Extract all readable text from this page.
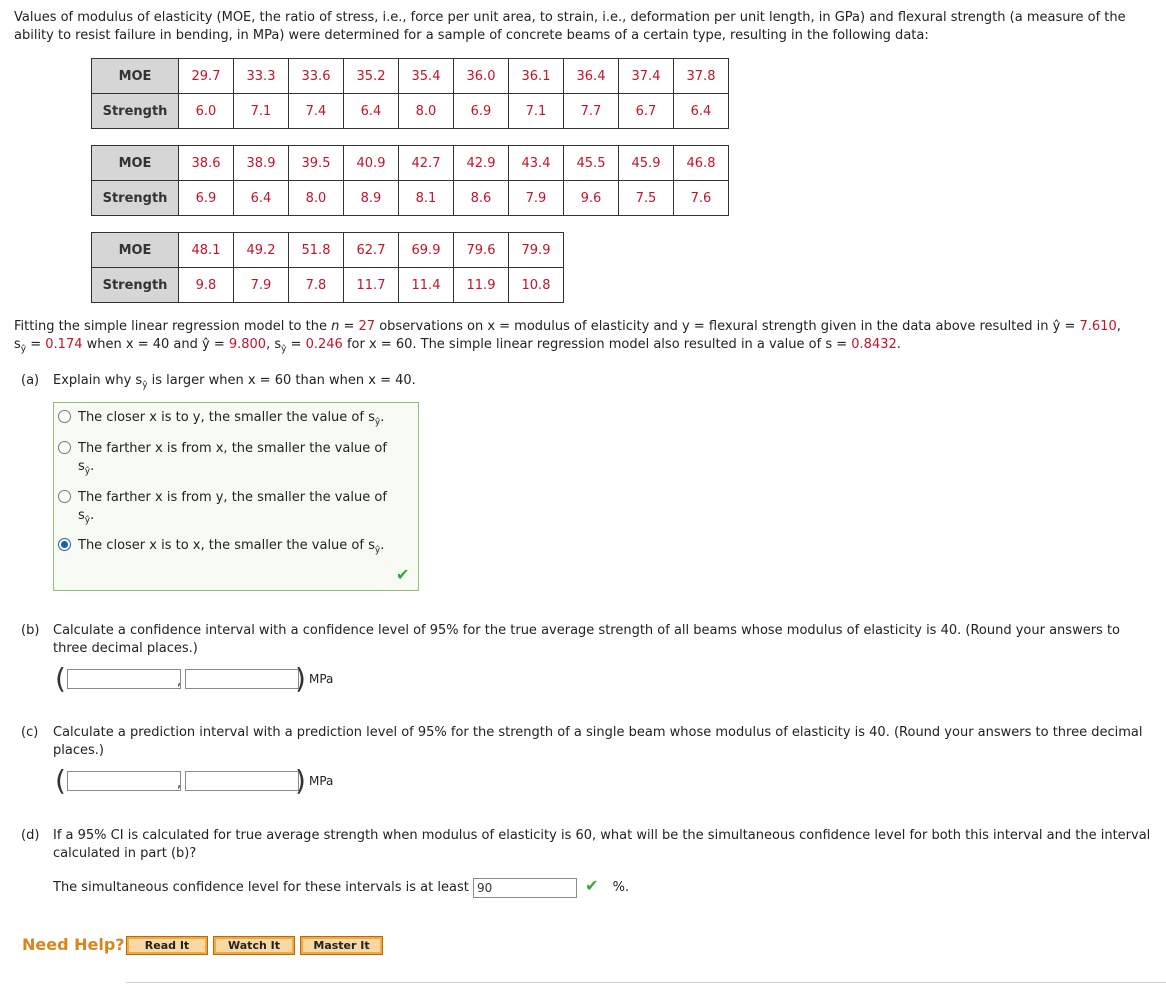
Values of modulus of elasticity (MOE, the ratio of stress, i.e., force per unit area, to strain, i.e., deformation per unit length, in GPa) and flexural strength (a measure of the ability to resist failure in bending, in MPa) were determined for a sample of concrete beams of a certain type, resulting in the following data:
MOE	29.7	33.3	33.6	35.2	35.4	36.0	36.1	36.4	37.4	37.8
Strength	6.0	7.1	7.4	6.4	8.0	6.9	7.1	7.7	6.7	6.4
MOE	38.6	38.9	39.5	40.9	42.7	42.9	43.4	45.5	45.9	46.8
Strength	6.9	6.4	8.0	8.9	8.1	8.6	7.9	9.6	7.5	7.6
MOE	48.1	49.2	51.8	62.7	69.9	79.6	79.9
Strength	9.8	7.9	7.8	11.7	11.4	11.9	10.8
Fitting the simple linear regression model to the n = 27 observations on x = modulus of elasticity and y = flexural strength given in the data above resulted in ŷ = 7.610,
$s_ŷ = 0.174$ when x = 40 and ŷ = 9.800, $s_ŷ = 0.246$ for x = 60. The simple linear regression model also resulted in a value of s = 0.8432.
(a) Explain why $s_ŷ$ is larger when x = 60 than when x = 40.
The closer x is to y, the smaller the value of $s_ŷ$.
The farther x is from x, the smaller the value of $s_ŷ$.
The farther x is from y, the smaller the value of $s_ŷ$.
The closer x is to x, the smaller the value of $s_ŷ$.
✔
(b) Calculate a confidence interval with a confidence level of 95% for the true average strength of all beams whose modulus of elasticity is 40. (Round your answers to three decimal places.)
(	,	) MPa
(c) Calculate a prediction interval with a prediction level of 95% for the strength of a single beam whose modulus of elasticity is 40. (Round your answers to three decimal places.)
(	,	) MPa
(d) If a 95% CI is calculated for true average strength when modulus of elasticity is 60, what will be the simultaneous confidence level for both this interval and the interval calculated in part (b)?
The simultaneous confidence level for these intervals is at least 90	✔ %.
Need Help?	Read It	Watch It	Master It
